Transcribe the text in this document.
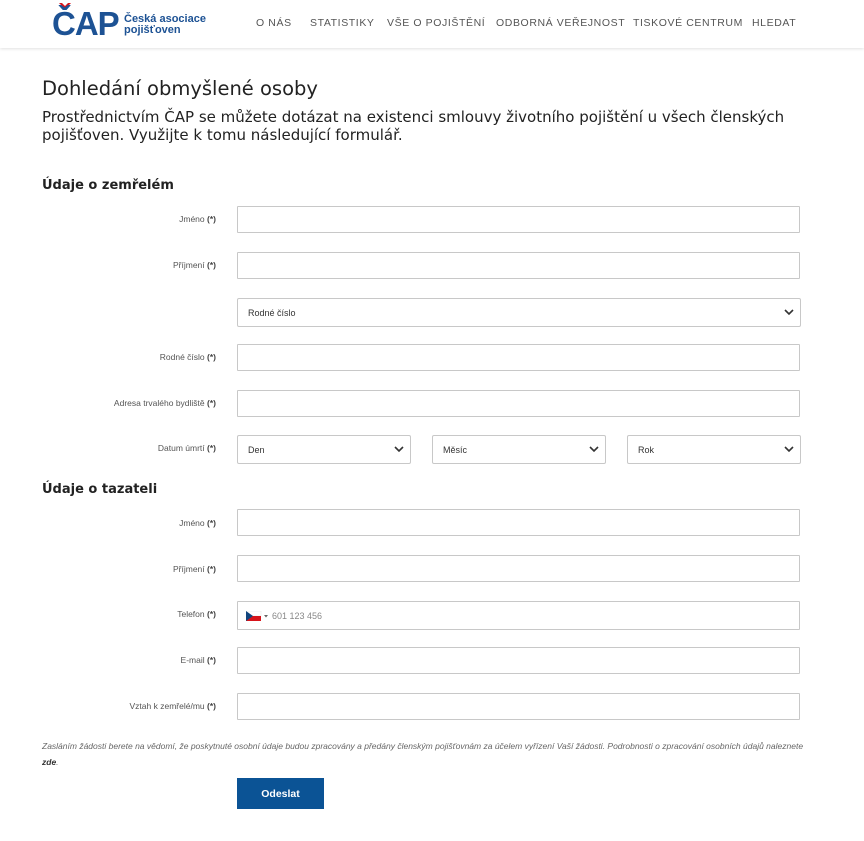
ČAP Česká asociace
pojišťoven
O NÁS STATISTIKY VŠE O POJIŠTĚNÍ ODBORNÁ VEŘEJNOST TISKOVÉ CENTRUM HLEDAT
Dohledání obmyšlené osoby

Prostřednictvím ČAP se můžete dotázat na existenci smlouvy životního pojištění u všech členských pojišťoven. Využijte k tomu následující formulář.

Údaje o zemřelém
Jméno (*)
Příjmení (*)
Rodné číslo
Rodné číslo (*)
Adresa trvalého bydliště (*)
Datum úmrtí (*)	Den	Měsíc	Rok
Údaje o tazateli
Jméno (*)
Příjmení (*)
Telefon (*)	601 123 456
E-mail (*)
Vztah k zemřelé/mu (*)

Zasláním žádosti berete na vědomí, že poskytnuté osobní údaje budou zpracovány a předány členským pojišťovnám za účelem vyřízení Vaší žádosti. Podrobnosti o zpracování osobních údajů naleznete zde.

Odeslat
